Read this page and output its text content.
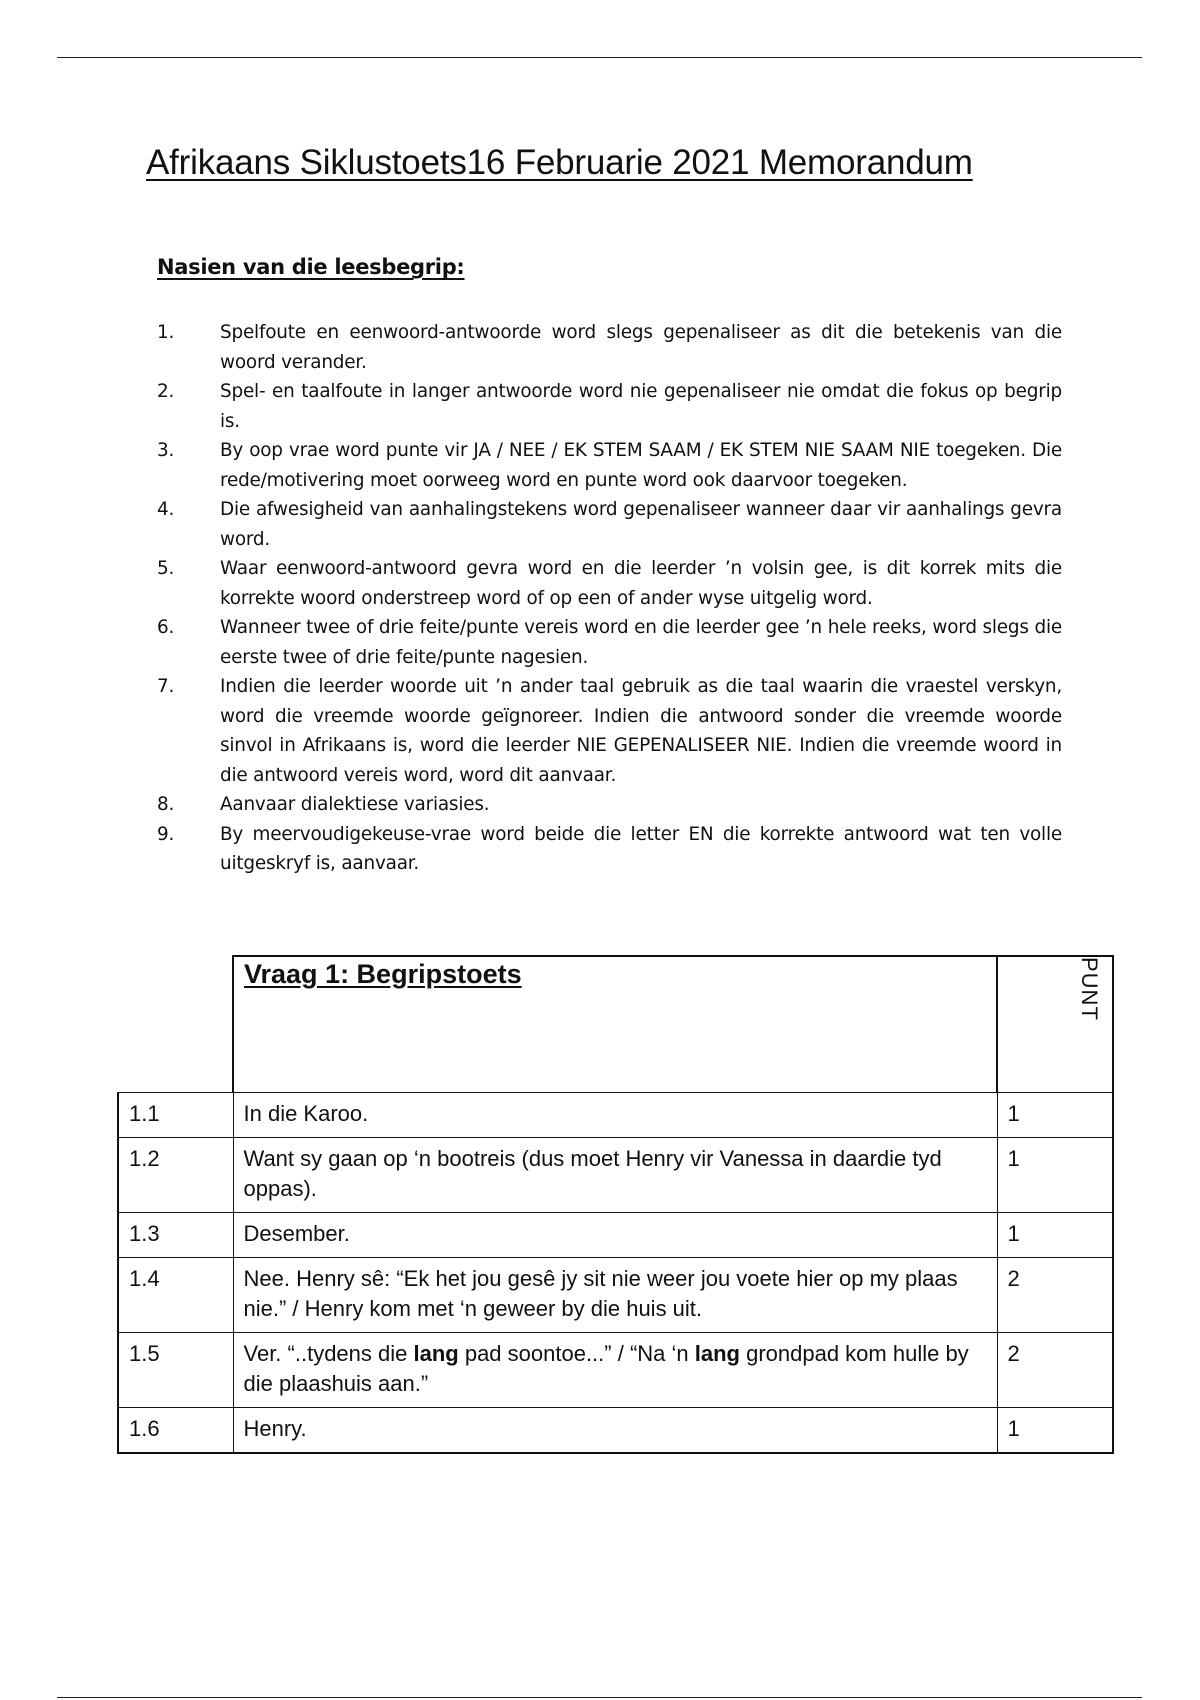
Afrikaans Siklustoets16 Februarie 2021 Memorandum
Nasien van die leesbegrip:
1.	Spelfoute en eenwoord-antwoorde word slegs gepenaliseer as dit die betekenis van die woord verander.
2.	Spel- en taalfoute in langer antwoorde word nie gepenaliseer nie omdat die fokus op begrip is.
3.	By oop vrae word punte vir JA / NEE / EK STEM SAAM / EK STEM NIE SAAM NIE toegeken. Die rede/motivering moet oorweeg word en punte word ook daarvoor toegeken.
4.	Die afwesigheid van aanhalingstekens word gepenaliseer wanneer daar vir aanhalings gevra word.
5.	Waar eenwoord-antwoord gevra word en die leerder ’n volsin gee, is dit korrek mits die korrekte woord onderstreep word of op een of ander wyse uitgelig word.
6.	Wanneer twee of drie feite/punte vereis word en die leerder gee ’n hele reeks, word slegs die eerste twee of drie feite/punte nagesien.
7.	Indien die leerder woorde uit ’n ander taal gebruik as die taal waarin die vraestel verskyn, word die vreemde woorde geïgnoreer. Indien die antwoord sonder die vreemde woorde sinvol in Afrikaans is, word die leerder NIE GEPENALISEER NIE. Indien die vreemde woord in die antwoord vereis word, word dit aanvaar.
8.	Aanvaar dialektiese variasies.
9.	By meervoudigekeuse-vrae word beide die letter EN die korrekte antwoord wat ten volle uitgeskryf is, aanvaar.
	Vraag 1: Begripstoets	PUNT

1.1	In die Karoo.	1
1.2	Want sy gaan op ‘n bootreis (dus moet Henry vir Vanessa in daardie tyd oppas).	1
1.3	Desember.	1
1.4	Nee. Henry sê: “Ek het jou gesê jy sit nie weer jou voete hier op my plaas nie.” / Henry kom met ‘n geweer by die huis uit.	2
1.5	Ver. “..tydens die lang pad soontoe...” / “Na ‘n lang grondpad kom hulle by die plaashuis aan.”	2
1.6	Henry.	1
